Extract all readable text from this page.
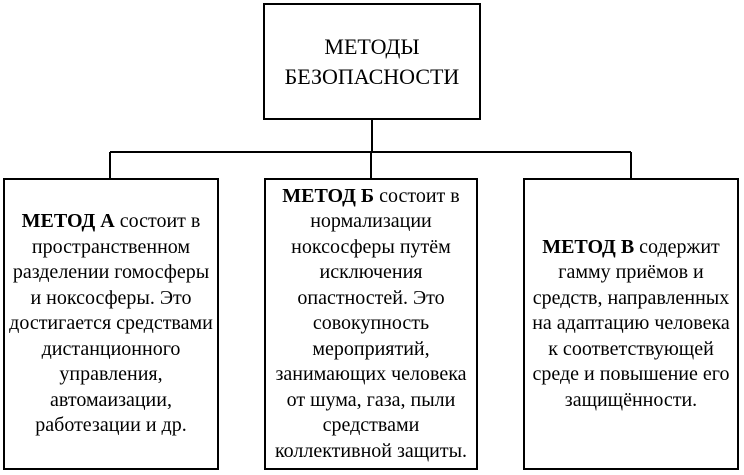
МЕТОДЫ
БЕЗОПАСНОСТИ
МЕТОД А состоит в пространственном разделении гомосферы и ноксосферы. Это достигается средствами дистанционного управления, автомаизации, работезации и др.
МЕТОД Б состоит в нормализации ноксосферы путём исключения опастностей. Это совокупность мероприятий, занимающих человека от шума, газа, пыли средствами коллективной защиты.
МЕТОД В содержит гамму приёмов и средств, направленных на адаптацию человека к соответствующей среде и повышение его защищённости.
